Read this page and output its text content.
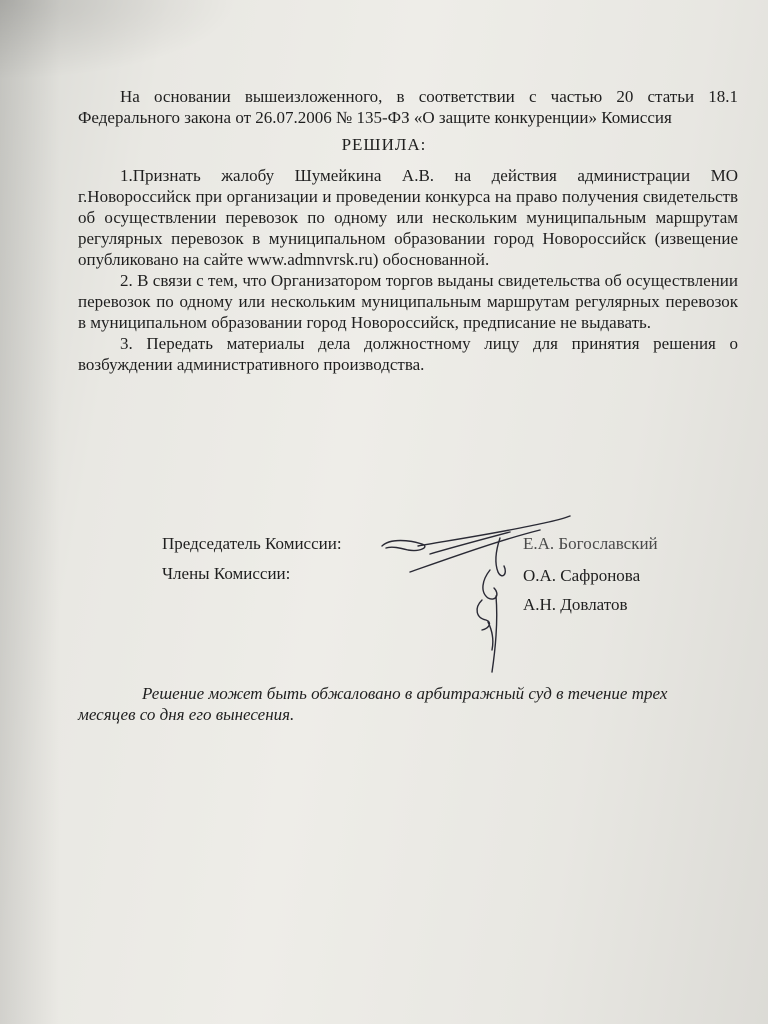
На основании вышеизложенного, в соответствии с частью 20 статьи 18.1 Федерального закона от 26.07.2006 № 135-ФЗ «О защите конкуренции» Комиссия

РЕШИЛА:

1.Признать жалобу Шумейкина А.В. на действия администрации МО г.Новороссийск при организации и проведении конкурса на право получения свидетельств об осуществлении перевозок по одному или нескольким муниципальным маршрутам регулярных перевозок в муниципальном образовании город Новороссийск (извещение опубликовано на сайте www.admnvrsk.ru) обоснованной.

2. В связи с тем, что Организатором торгов выданы свидетельства об осуществлении перевозок по одному или нескольким муниципальным маршрутам регулярных перевозок в муниципальном образовании город Новороссийск, предписание не выдавать.

3. Передать материалы дела должностному лицу для принятия решения о возбуждении административного производства.

Председатель Комиссии:
Члены Комиссии:
Е.А. Богославский
О.А. Сафронова
А.Н. Довлатов
Решение может быть обжаловано в арбитражный суд в течение трех
месяцев со дня его вынесения.
